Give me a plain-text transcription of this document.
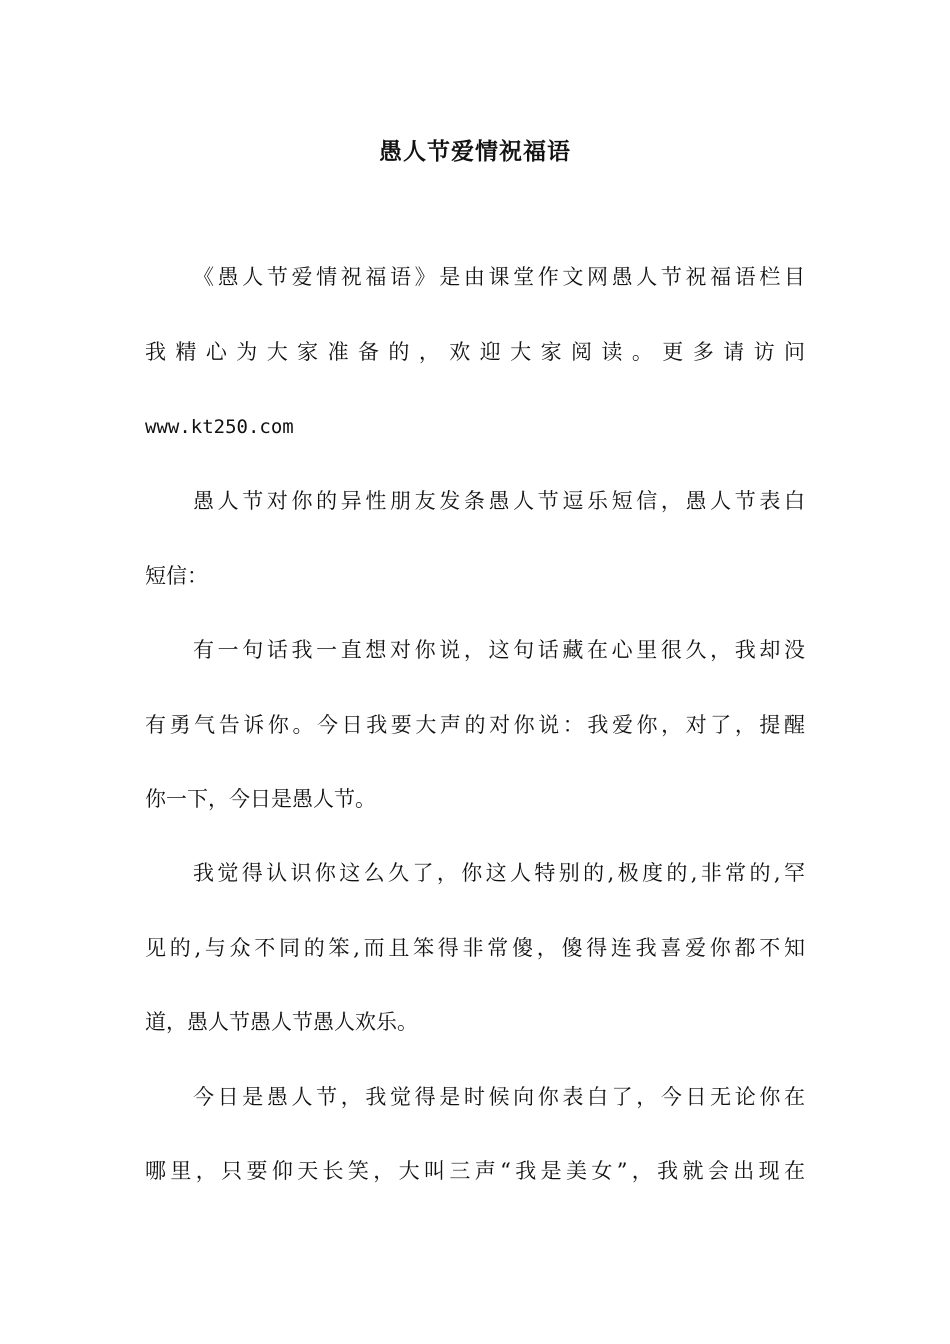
愚人节爱情祝福语
《愚人节爱情祝福语》是由课堂作文网愚人节祝福语栏目
我精心为大家准备的，欢迎大家阅读。更多请访问
www.kt250.com
愚人节对你的异性朋友发条愚人节逗乐短信，愚人节表白
短信：
有一句话我一直想对你说，这句话藏在心里很久，我却没
有勇气告诉你。今日我要大声的对你说：我爱你，对了，提醒
你一下，今日是愚人节。
我觉得认识你这么久了，你这人特别的,极度的,非常的,罕
见的,与众不同的笨,而且笨得非常傻，傻得连我喜爱你都不知
道，愚人节愚人节愚人欢乐。
今日是愚人节，我觉得是时候向你表白了，今日无论你在
哪里，只要仰天长笑，大叫三声“我是美女”，我就会出现在
